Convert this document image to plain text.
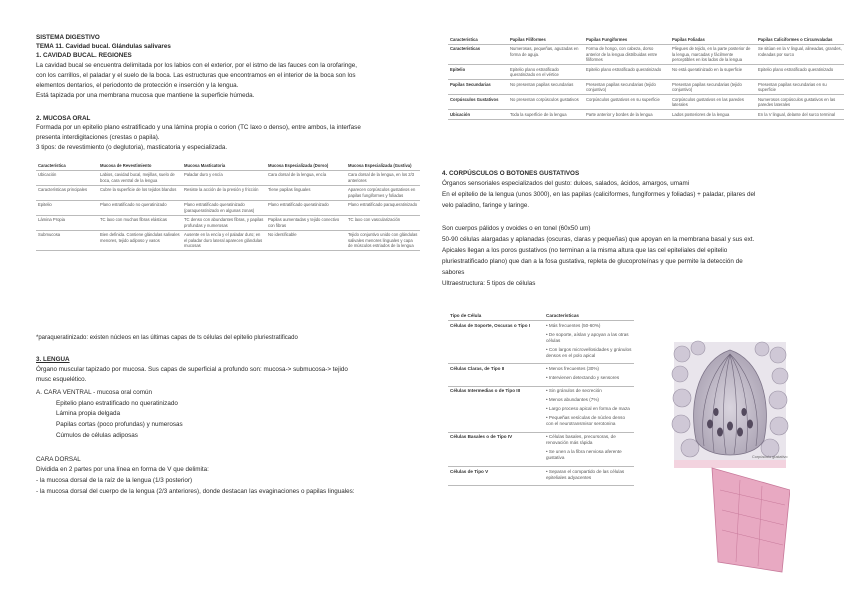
SISTEMA DIGESTIVO
TEMA 11. Cavidad bucal. Glándulas salivares
1. CAVIDAD BUCAL. REGIONES
La cavidad bucal se encuentra delimitada por los labios con el exterior, por el istmo de las fauces con la orofaringe,
con los carrillos, el paladar y el suelo de la boca. Las estructuras que encontramos en el interior de la boca son los
elementos dentarios, el periodonto de protección e inserción y la lengua.
Está tapizada por una membrana mucosa que mantiene la superficie húmeda.
2. MUCOSA ORAL
Formada por un epitelio plano estratificado y una lámina propia o corion (TC laxo o denso), entre ambos, la interfase
presenta interdigitaciones (crestas o papila).
3 tipos: de revestimiento (o deglutoria), masticatoria y especializada.
Característica	Mucosa de Revestimiento	Mucosa Masticatoria	Mucosa Especializada (Dorso)	Mucosa Especializada (Gustiva)
Ubicación	Labios, cavidad bucal, mejillas, suelo de boca, cara ventral de la lengua	Paladar duro y encía	Cara dorsal de la lengua, encía	Cara dorsal de la lengua, en los 2/3 anteriores
Características principales	Cubre la superficie de los tejidos blandos	Resiste la acción de la presión y fricción	Tiene papilas linguales	Aparecen corpúsculos gustativos en papilas fungiformes y foliadas
Epitelio	Plano estratificado no queratinizado	Plano estratificado queratinizado (paraqueratinizado en algunas zonas)	Plano estratificado queratinizado	Plano estratificado paraqueratinizado
Lámina Propia	TC laxo con muchas fibras elásticas	TC denso con abundantes fibras, y papilas profundas y numerosas	Papilas aumentadas y tejido conectivo con fibras	TC laxo con vascularización
Submucosa	Bien definida. Contiene glándulas salivales menores, tejido adiposo y vasos	Ausente en la encía y el paladar duro; en el paladar duro lateral aparecen glándulas mucosas	No identificable	Tejido conjuntivo unido con glándulas salivales menores linguales y capa de músculos estriados de la lengua
*paraqueratinizado: existen núcleos en las últimas capas de ts células del epitelio pluriestratificado
3. LENGUA
Órgano muscular tapizado por mucosa. Sus capas de superficial a profundo son: mucosa-> submucosa-> tejido
musc esquelético.
A. CARA VENTRAL - mucosa oral común
Epitelio plano estratificado no queratinizado
Lámina propia delgada
Papilas cortas (poco profundas) y numerosas
Cúmulos de células adiposas
CARA DORSAL
Dividida en 2 partes por una línea en forma de V que delimita:
- la mucosa dorsal de la raíz de la lengua (1/3 posterior)
- la mucosa dorsal del cuerpo de la lengua (2/3 anteriores), donde destacan las evaginaciones o papilas linguales:
Característica	Papilas Filiformes	Papilas Fungiformes	Papilas Foliadas	Papilas Caliciformes o Circunvaladas
Características	Numerosas, pequeñas, aguzadas en forma de aguja.	Forma de hongo, con cabeza, dorso anterior de la lengua distribuidas entre filiformes	Pliegues de tejido, en la parte posterior de la lengua, marcadas y fácilmente perceptibles en los lados de la lengua	Se sitúan en la V lingual, alineadas, grandes, rodeadas por surco
Epitelio	Epitelio plano estratificado queratinizado en el vértice	Epitelio plano estratificado queratinizado	No está queratinizado en la superficie	Epitelio plano estratificado queratinizado
Papilas Secundarias	No presentan papilas secundarias	Presentan papilas secundarias (tejido conjuntivo)	Presentan papilas secundarias (tejido conjuntivo)	Presentan papilas secundarias en su superficie
Corpúsculos Gustativos	No presentan corpúsculos gustativos	Corpúsculos gustativos en su superficie	Corpúsculos gustativos en las paredes laterales	Numerosos corpúsculos gustativos en las paredes laterales
Ubicación	Toda la superficie de la lengua	Parte anterior y bordes de la lengua	Lados posteriores de la lengua	En la V lingual, delante del surco terminal
4. CORPÚSCULOS O BOTONES GUSTATIVOS
Órganos sensoriales especializados del gusto: dulces, salados, ácidos, amargos, umami
En el epitelio de la lengua (unos 3000), en las papilas (caliciformes, fungiformes y foliadas) + paladar, pilares del
velo paladino, faringe y laringe.
Son cuerpos pálidos y ovoides o en tonel (60x50 um)
50-90 células alargadas y aplanadas (oscuras, claras y pequeñas) que apoyan en la membrana basal y sus ext.
Apicales llegan a los poros gustativos (no terminan a la misma altura que las cel epiteliales del epitelio
pluriestratificado plano) que dan a la fosa gustativa, repleta de glucoproteínas y que permite la detección de
sabores
Ultraestructura: 5 tipos de células
Tipo de Célula	Características
Células de Soporte, Oscuras o Tipo I	• Más frecuentes (50-60%)
• De soporte, aíslan y apoyan a las otras células
• Con largos microvellosidades y gránulos densos en el polo apical

Células Claras, de Tipo II	• Menos frecuentes (30%)
• Intervienen detectando y sensores

Células Intermedias o de Tipo III	• Sin gránulos de secreción
• Menos abundantes (7%)
• Largo proceso apical en forma de maza
• Pequeñas vesículas de núcleo denso con el neurotransmisor serotonina

Células Basales o de Tipo IV	• Células basales, precursoras, de renovación más rápida
• Se unen a la fibra nerviosa aferente gustativa

Células de Tipo V	• Separan el compartido de las células epiteliales adyacentes
Corpúsculo gustativo
